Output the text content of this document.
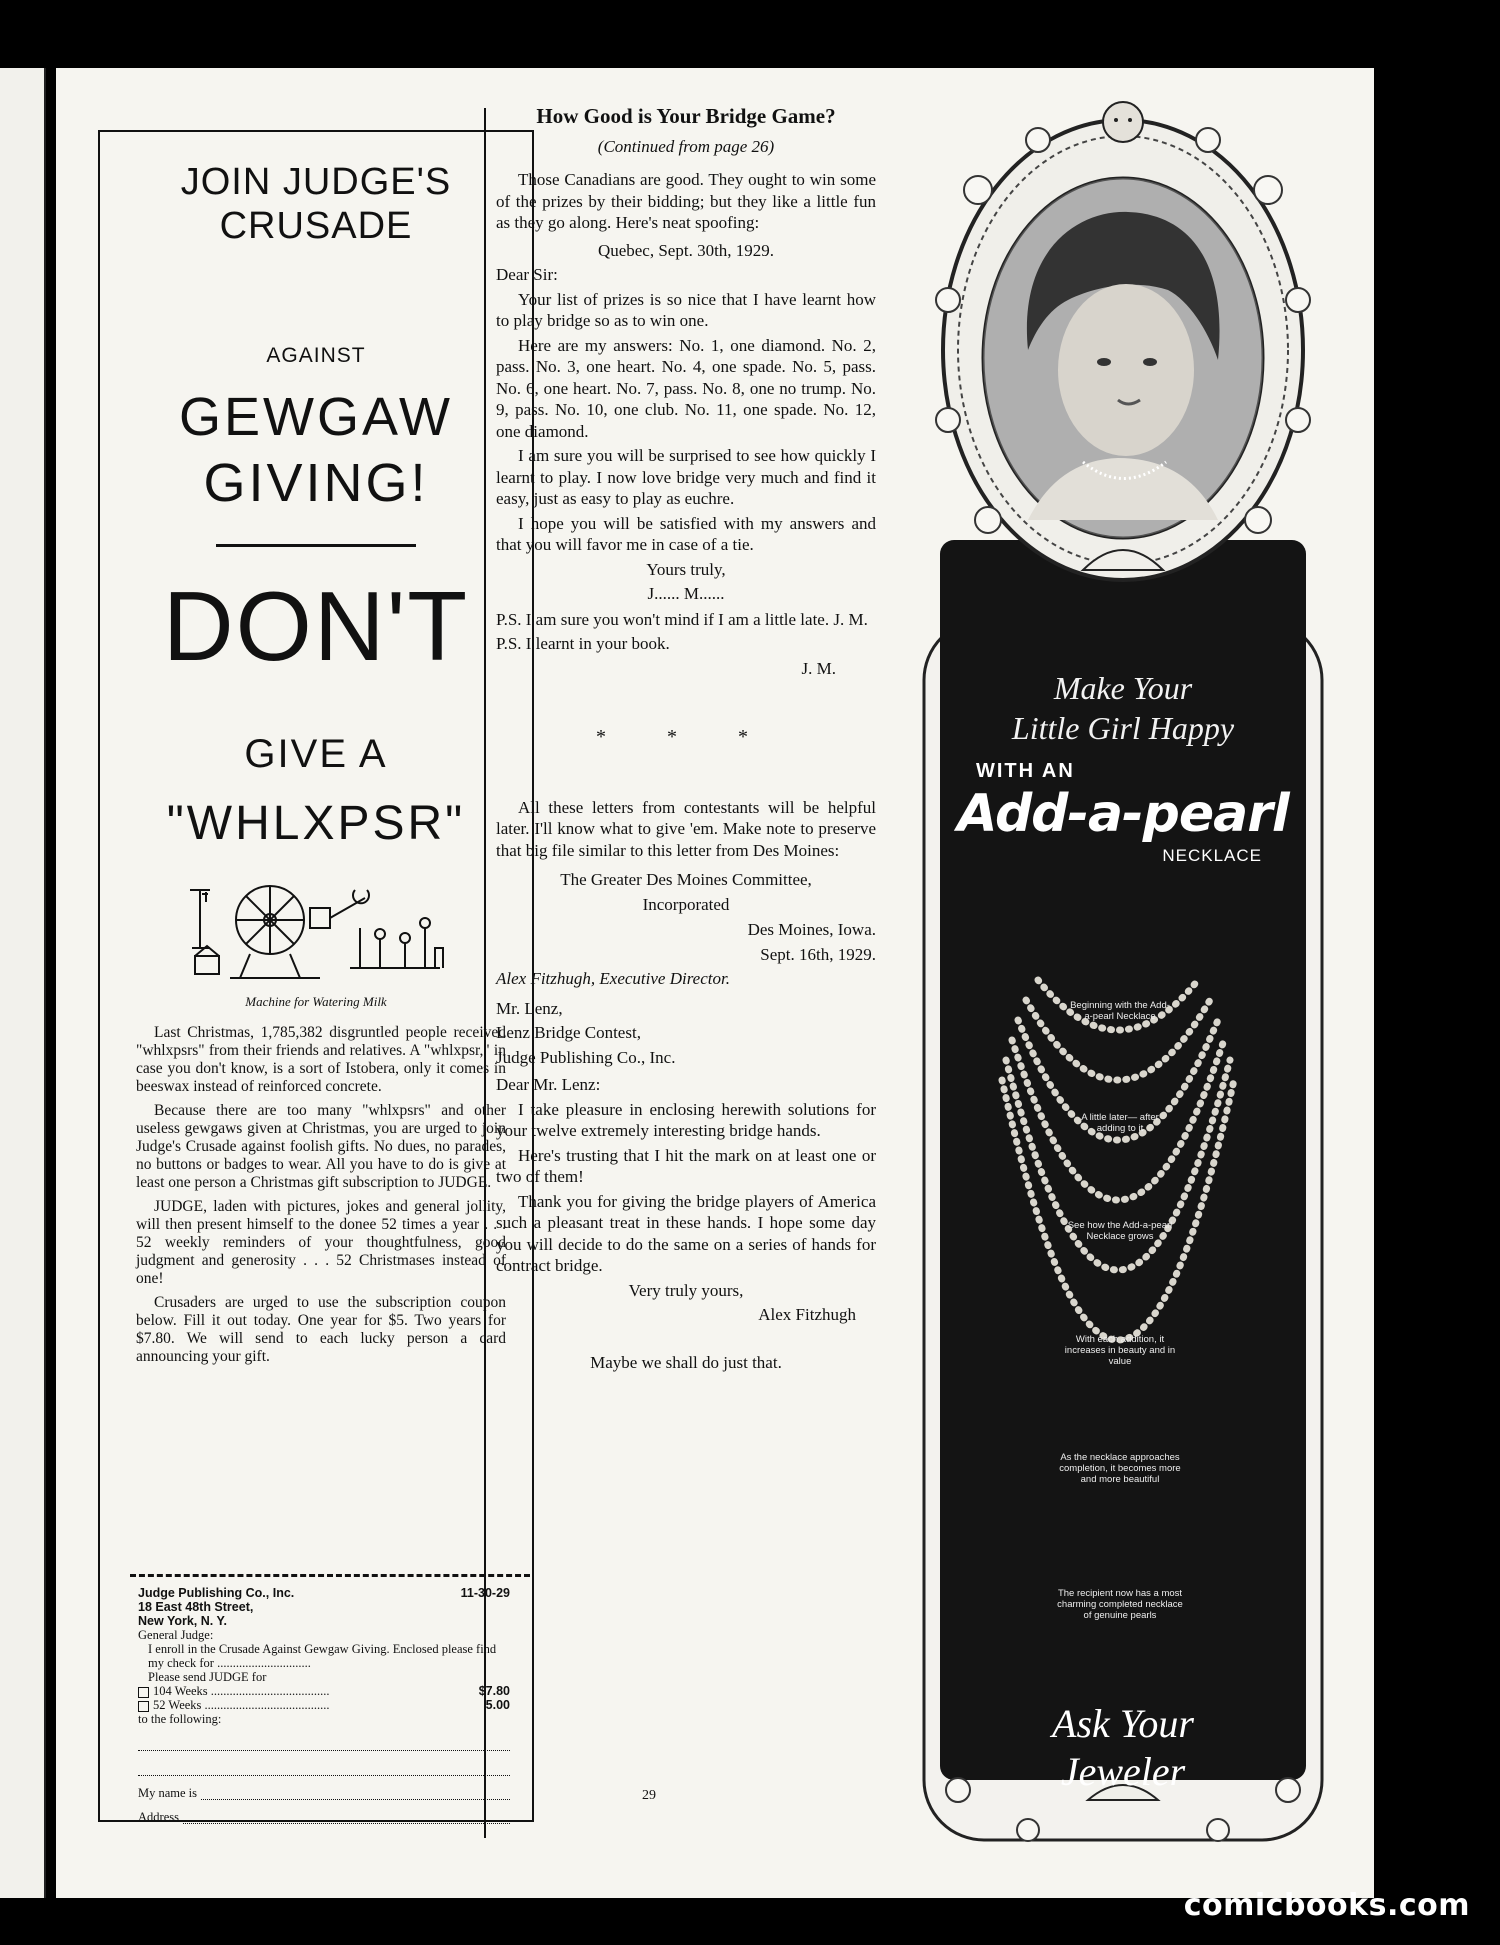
JOIN JUDGE'S
CRUSADE
AGAINST
GEWGAW
GIVING!
DON'T
GIVE A
"WHLXPSR"
Machine for Watering Milk

Last Christmas, 1,785,382 disgruntled people received "whlxpsrs" from their friends and relatives. A "whlxpsr," in case you don't know, is a sort of Istobera, only it comes in beeswax instead of reinforced concrete.

Because there are too many "whlxpsrs" and other useless gewgaws given at Christmas, you are urged to join Judge's Crusade against foolish gifts. No dues, no parades, no buttons or badges to wear. All you have to do is give at least one person a Christmas gift subscription to JUDGE.

JUDGE, laden with pictures, jokes and general jollity, will then present himself to the donee 52 times a year . . . 52 weekly reminders of your thoughtfulness, good judgment and generosity . . . 52 Christmases instead of one!

Crusaders are urged to use the subscription coupon below. Fill it out today. One year for $5. Two years for $7.80. We will send to each lucky person a card announcing your gift.

Judge Publishing Co., Inc.	11-30-29
18 East 48th Street,
New York, N. Y.
General Judge:
I enroll in the Crusade Against Gewgaw Giving. Enclosed please find my check for ..............................
Please send JUDGE for
104 Weeks ......................................	$7.80
52 Weeks ........................................	5.00
to the following:
My name is
Address
How Good is Your Bridge Game?
(Continued from page 26)

Those Canadians are good. They ought to win some of the prizes by their bidding; but they like a little fun as they go along. Here's neat spoofing:

Quebec, Sept. 30th, 1929.

Dear Sir:

Your list of prizes is so nice that I have learnt how to play bridge so as to win one.

Here are my answers: No. 1, one diamond. No. 2, pass. No. 3, one heart. No. 4, one spade. No. 5, pass. No. 6, one heart. No. 7, pass. No. 8, one no trump. No. 9, pass. No. 10, one club. No. 11, one spade. No. 12, one diamond.

I am sure you will be surprised to see how quickly I learnt to play. I now love bridge very much and find it easy, just as easy to play as euchre.

I hope you will be satisfied with my answers and that you will favor me in case of a tie.

Yours truly,

J...... M......

P.S. I am sure you won't mind if I am a little late. J. M.

P.S. I learnt in your book.

J. M.

* * *

All these letters from contestants will be helpful later. I'll know what to give 'em. Make note to preserve that big file similar to this letter from Des Moines:

The Greater Des Moines Committee,

Incorporated

Des Moines, Iowa.

Sept. 16th, 1929.

Alex Fitzhugh, Executive Director.

Mr. Lenz,

Lenz Bridge Contest,

Judge Publishing Co., Inc.

Dear Mr. Lenz:

I take pleasure in enclosing herewith solutions for your twelve extremely interesting bridge hands.

Here's trusting that I hit the mark on at least one or two of them!

Thank you for giving the bridge players of America such a pleasant treat in these hands. I hope some day you will decide to do the same on a series of hands for contract bridge.

Very truly yours,

Alex Fitzhugh

Maybe we shall do just that.

29
Make Your
Little Girl Happy
WITH AN
Add-a-pearl
NECKLACE
Beginning with the Add-a-pearl Necklace
A little later— after adding to it
See how the Add-a-pearl Necklace grows
With each addition, it increases in beauty and in value
As the necklace approaches completion, it becomes more and more beautiful
The recipient now has a most charming completed necklace of genuine pearls
Ask Your
Jeweler
comicbooks.com
